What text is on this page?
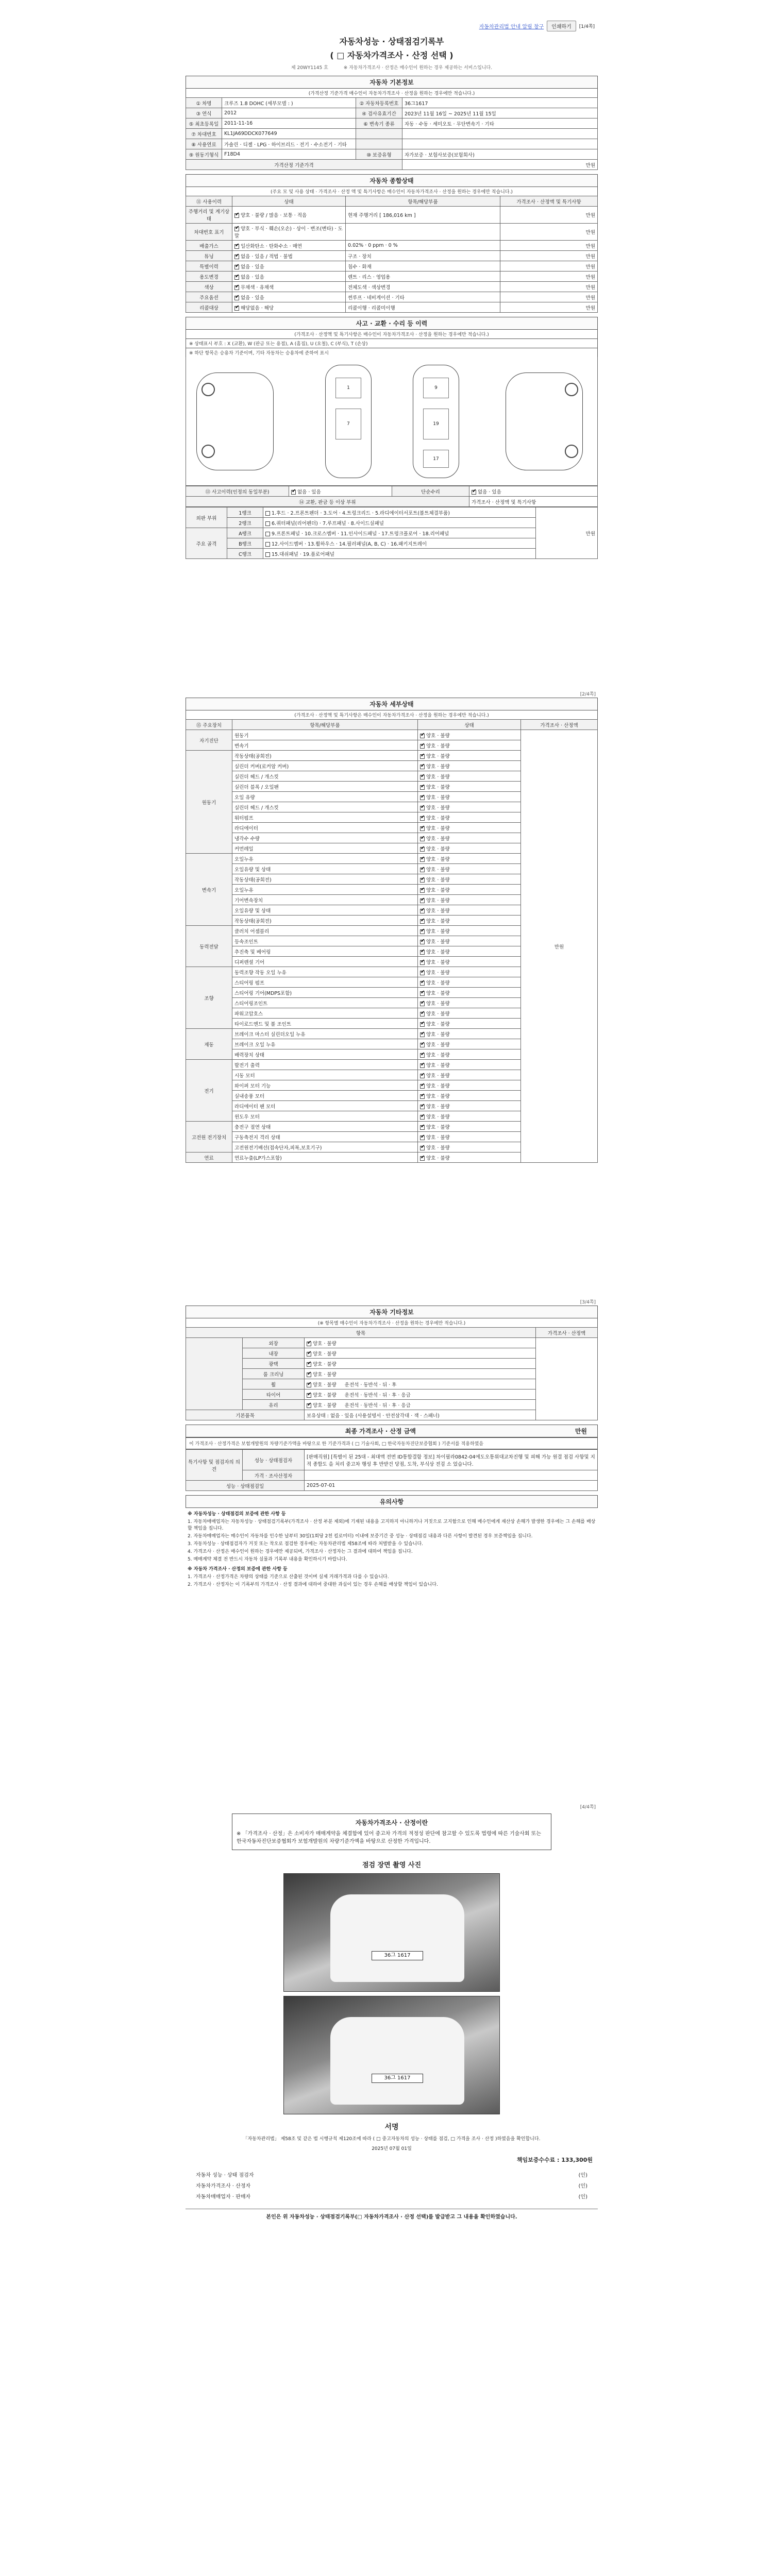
자동차관리법 안내 알림 창구	인쇄하기	[1/4쪽]
자동차성능 · 상태점검기록부
( □ 자동차가격조사 · 산정 선택 )
제 20WY1145 호	※ 자동차가격조사 · 산정은 매수인이 원하는 경우 제공하는 서비스입니다.
자동차 기본정보
(가격산정 기준가격 매수인이 자동차가격조사 · 산정을 원하는 경우에만 적습니다.)
① 차명	크루즈 1.8 DOHC (세부모델 : )	② 자동차등록번호	36그1617
③ 연식	2012	④ 검사유효기간	2023년 11월 16일 ~ 2025년 11월 15일
⑤ 최초등록일	2011-11-16	⑥ 변속기 종류	자동 · 수동 · 세미오토 · 무단변속기 · 기타
⑦ 차대번호	KL1JA69DDCK077649		
⑧ 사용연료	가솔린 · 디젤 · LPG · 하이브리드 · 전기 · 수소전기 · 기타		
⑨ 원동기형식	F18D4	⑩ 보증유형	자가보증 · 보험사보증(보험회사)
가격산정 기준가격			만원
자동차 종합상태
(주요 모 및 사용 상태 · 가격조사 · 산정 액 및 특기사항은 매수인이 자동차가격조사 · 산정을 원하는 경우에만 적습니다.)
⑪ 사용이력	상태	항목/해당부품	가격조사 · 산정액 및 특기사항
주행거리 및 계기상태	✔양호 · 불량 / 많음 · 보통 · 적음	현재 주행거리 [ 186,016 km ]	만원
차대번호 표기	✔양호 · 부식 · 훼손(오손) · 상이 · 변조(변타) · 도말		만원
배출가스	✔일산화탄소 · 탄화수소 · 매연	0.02% · 0 ppm · 0 %	만원
튜닝	✔없음 · 있음 / 적법 · 불법	구조 · 장치	만원
특별이력	✔없음 · 있음	침수 · 화재	만원
용도변경	✔없음 · 있음	렌트 · 리스 · 영업용	만원
색상	✔무채색 · 유채색	전체도색 · 색상변경	만원
주요옵션	✔없음 · 있음	썬루프 · 네비게이션 · 기타	만원
리콜대상	✔해당없음 · 해당	리콜이행 · 리콜미이행	만원
사고 · 교환 · 수리 등 이력
(가격조사 · 산정액 및 특기사항은 매수인이 자동차가격조사 · 산정을 원하는 경우에만 적습니다.)
※ 상태표시 부호 : X (교환), W (판금 또는 용접), A (흠집), U (요철), C (부식), T (손상)
※ 하단 항목은 승용차 기준이며, 기타 자동차는 승용차에 준하여 표시
1
7
9
19
17
⑬ 사고이력(인정의 동일부분)	✔없음 · 있음	단순수리	✔없음 · 있음
⑭ 교환, 판금 등 이상 부위			가격조사 · 산정액 및 특기사항
외판 부위	1랭크	1.후드 · 2.프론트펜더 · 3.도어 · 4.트렁크리드 · 5.라디에이터서포트(볼트체결부품)	만원
	2랭크	6.쿼터패널(리어펜더) · 7.루프패널 · 8.사이드실패널	
주요 골격	A랭크	9.프론트패널 · 10.크로스멤버 · 11.인사이드패널 · 17.트렁크플로어 · 18.리어패널	
	B랭크	12.사이드멤버 · 13.휠하우스 · 14.필러패널(A, B, C) · 16.패키지트레이	
	C랭크	15.대쉬패널 · 19.플로어패널	
[2/4쪽]
자동차 세부상태
(가격조사 · 산정액 및 특기사항은 매수인이 자동차가격조사 · 산정을 원하는 경우에만 적습니다.)
⑮ 주요장치	항목/해당부품	상태	가격조사 · 산정액
자기진단	원동기	✔양호 · 불량	만원
	변속기	✔양호 · 불량
원동기	작동상태(공회전)	✔양호 · 불량
	실린더 커버(로커암 커버)	✔양호 · 불량
	실린더 헤드 / 개스킷	✔양호 · 불량
	실린더 블록 / 오일팬	✔양호 · 불량
	오일 유량	✔양호 · 불량
	실린더 헤드 / 개스킷	✔양호 · 불량
	워터펌프	✔양호 · 불량
	라디에이터	✔양호 · 불량
	냉각수 수량	✔양호 · 불량
	커먼레일	✔양호 · 불량
변속기	오일누유	✔양호 · 불량
	오일유량 및 상태	✔양호 · 불량
	작동상태(공회전)	✔양호 · 불량
	오일누유	✔양호 · 불량
	기어변속장치	✔양호 · 불량
	오일유량 및 상태	✔양호 · 불량
	작동상태(공회전)	✔양호 · 불량
동력전달	클러치 어셈블리	✔양호 · 불량
	등속조인트	✔양호 · 불량
	추진축 및 베어링	✔양호 · 불량
	디퍼렌셜 기어	✔양호 · 불량
조향	동력조향 작동 오일 누유	✔양호 · 불량
	스티어링 펌프	✔양호 · 불량
	스티어링 기어(MDPS포함)	✔양호 · 불량
	스티어링조인트	✔양호 · 불량
	파워고압호스	✔양호 · 불량
	타이로드엔드 및 볼 조인트	✔양호 · 불량
제동	브레이크 마스터 실린더오일 누유	✔양호 · 불량
	브레이크 오일 누유	✔양호 · 불량
	배력장치 상태	✔양호 · 불량
전기	발전기 출력	✔양호 · 불량
	시동 모터	✔양호 · 불량
	와이퍼 모터 기능	✔양호 · 불량
	실내송풍 모터	✔양호 · 불량
	라디에이터 팬 모터	✔양호 · 불량
	윈도우 모터	✔양호 · 불량
고전원 전기장치	충전구 절연 상태	✔양호 · 불량
	구동축전지 격리 상태	✔양호 · 불량
	고전원전기배선(접속단자,피복,보호기구)	✔양호 · 불량
연료	연료누출(LP가스포함)	✔양호 · 불량
[3/4쪽]
자동차 기타정보
(※ 항목별 매수인이 자동차가격조사 · 산정을 원하는 경우에만 적습니다.)
항목			가격조사 · 산정액
	외장	✔양호 · 불량	
	내장	✔양호 · 불량
	광택	✔양호 · 불량
	룸 크리닝	✔양호 · 불량
	휠	✔양호 · 불량 운전석 · 동반석 · 뒤 · 후
	타이어	✔양호 · 불량 운전석 · 동반석 · 뒤 · 후 · 응급
	유리	✔양호 · 불량 운전석 · 동반석 · 뒤 · 후 · 응급
기본품목		보유상태 : 없음 · 있음 (사용설명서 · 안전삼각대 · 잭 · 스패너)	
최종 가격조사 · 산정 금액	만원
이 가격조사 · 산정가격은 보험개발원의 차량기준가액을 바탕으로 한 기준가격과 ( □ 기술사회, □ 한국자동차진단보증협회 ) 기준서를 적용하였음
특기사항 및 점검자의 의견	성능 · 상태점검자	[판매직원] [특별이 된 25대 - 최대액 전면 ID통합결함 정보] 차이필라0842-04에도오통위대교차진행 및 피해 가능 원결 점검 사항및 지적 종합도 을 처리 중고차 행성 후 반받건 당점, 도착, 부식상 전검 소 었습니다.
	가격 · 조사산정자	
성능 · 상태점검일		2025-07-01
유의사항

※ 자동차성능 · 상태점검의 보증에 관한 사항 등

1. 자동차매매업자는 자동차성능 · 상태점검기록부(가격조사 · 산정 부분 제외)에 기재된 내용을 고지하지 아니하거나 거짓으로 고지함으로 인해 매수인에게 재산상 손해가 발생한 경우에는 그 손해를 배상할 책임을 집니다.

2. 자동차매매업자는 매수인이 자동차를 인수한 날부터 30일(1회당 2천 킬로미터) 이내에 보증기간 중 성능 · 상태점검 내용과 다른 사항이 발견된 경우 보증책임을 집니다.

3. 자동차성능 · 상태점검자가 거짓 또는 착오로 점검한 경우에는 자동차관리법 제58조에 따라 처벌받을 수 있습니다.

4. 가격조사 · 산정은 매수인이 원하는 경우에만 제공되며, 가격조사 · 산정자는 그 결과에 대하여 책임을 집니다.

5. 매매계약 체결 전 반드시 자동차 실물과 기록부 내용을 확인하시기 바랍니다.

※ 자동차 가격조사 · 산정의 보증에 관한 사항 등

1. 가격조사 · 산정가격은 차량의 상태를 기준으로 산출된 것이며 실제 거래가격과 다를 수 있습니다.

2. 가격조사 · 산정자는 이 기록부의 가격조사 · 산정 결과에 대하여 중대한 과실이 있는 경우 손해를 배상할 책임이 있습니다.

[4/4쪽]
자동차가격조사 · 산정이란
※ 「가격조사 · 산정」은 소비자가 매매계약을 체결함에 있어 중고차 가격의 적정성 판단에 참고할 수 있도록 법령에 따른 기술사회 또는 한국자동차진단보증협회가 보험개발원의 차량기준가액을 바탕으로 산정한 가격입니다.
점검 장면 촬영 사진
36그 1617
36그 1617
서명
「자동차관리법」 제58조 및 같은 법 시행규칙 제120조에 따라 ( □ 중고자동차의 성능 · 상태를 점검, □ 가격을 조사 · 산정 )하였음을 확인합니다.
2025년 07월 01일
책임보증수수료 : 133,300원
자동차 성능 · 상태 점검자	(인)
자동차가격조사 · 산정자	(인)
자동차매매업자 · 판매자	(인)
본인은 위 자동차성능 · 상태점검기록부(□ 자동차가격조사 · 산정 선택)를 발급받고 그 내용을 확인하였습니다.
